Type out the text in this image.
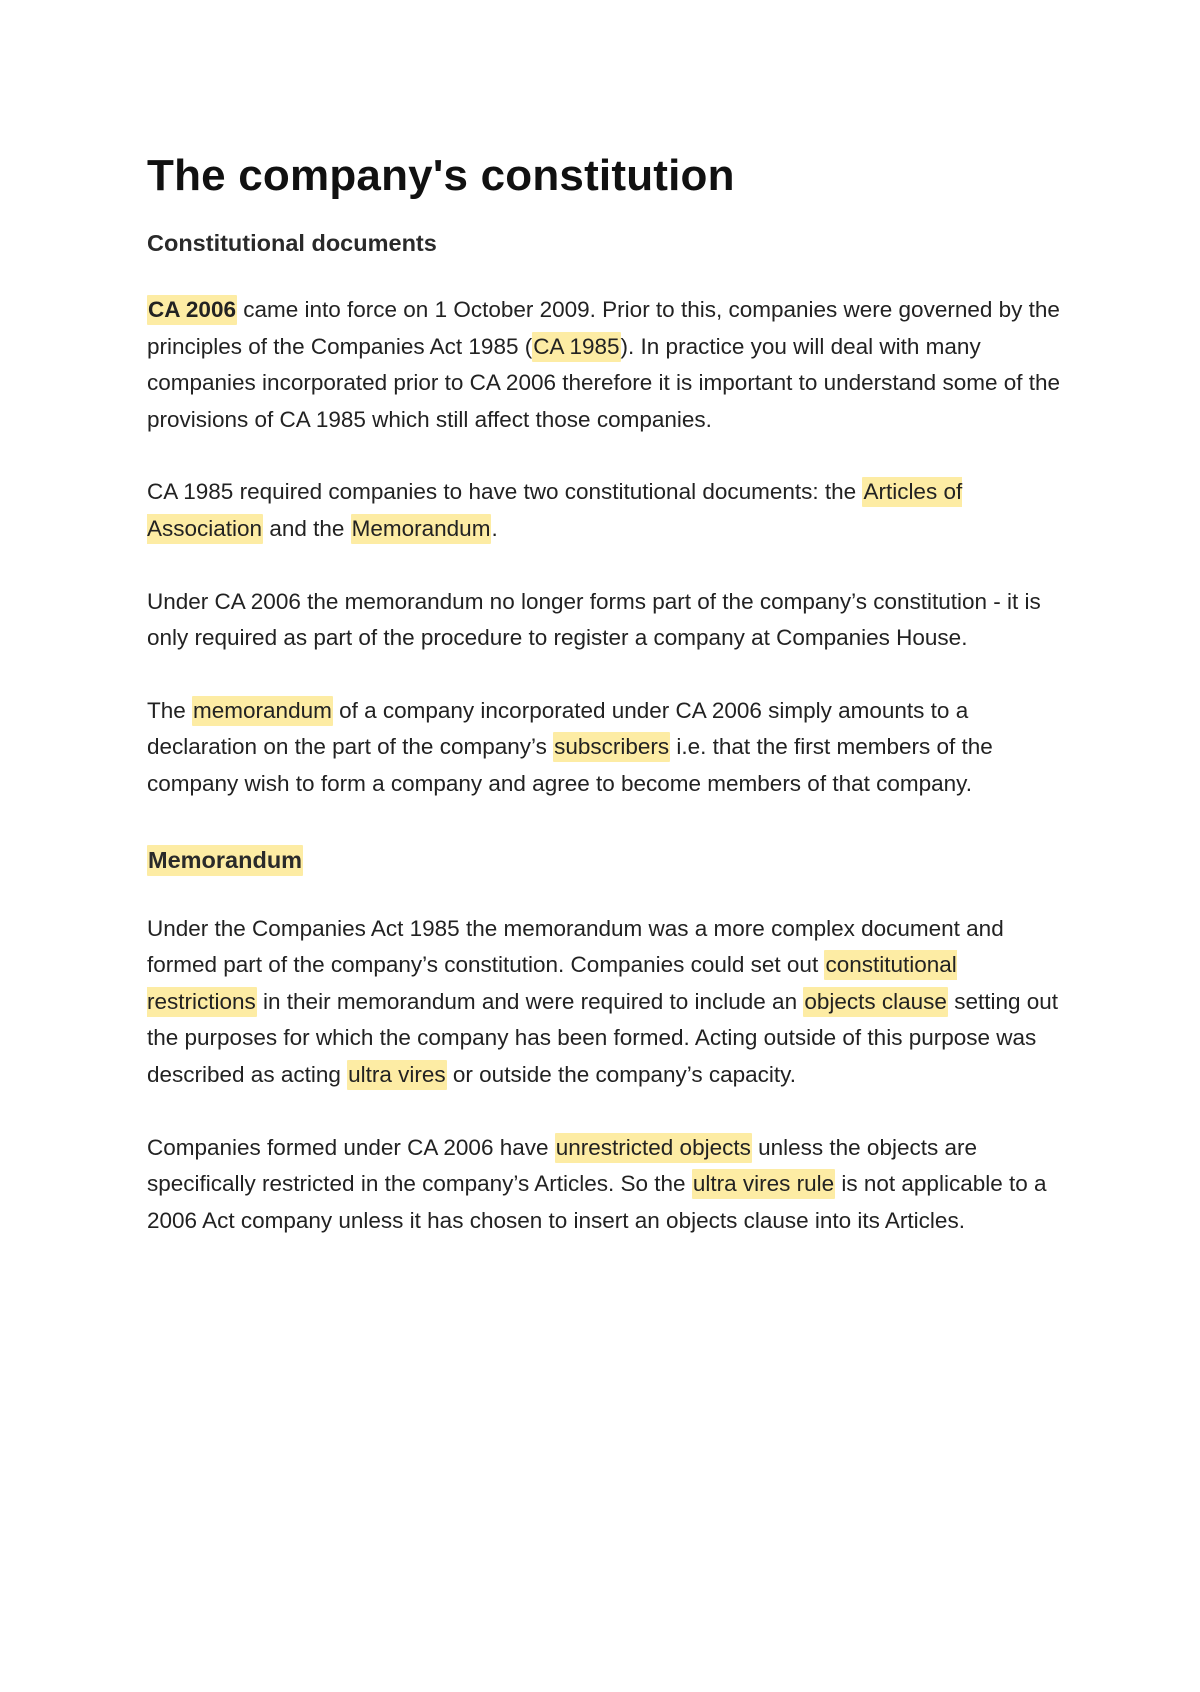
The company's constitution
Constitutional documents

CA 2006 came into force on 1 October 2009. Prior to this, companies were governed by the principles of the Companies Act 1985 (CA 1985). In practice you will deal with many companies incorporated prior to CA 2006 therefore it is important to understand some of the provisions of CA 1985 which still affect those companies.

CA 1985 required companies to have two constitutional documents: the Articles of Association and the Memorandum.

Under CA 2006 the memorandum no longer forms part of the company’s constitution - it is only required as part of the procedure to register a company at Companies House.

The memorandum of a company incorporated under CA 2006 simply amounts to a declaration on the part of the company’s subscribers i.e. that the first members of the company wish to form a company and agree to become members of that company.

Memorandum

Under the Companies Act 1985 the memorandum was a more complex document and formed part of the company’s constitution. Companies could set out constitutional restrictions in their memorandum and were required to include an objects clause setting out the purposes for which the company has been formed. Acting outside of this purpose was described as acting ultra vires or outside the company’s capacity.

Companies formed under CA 2006 have unrestricted objects unless the objects are specifically restricted in the company’s Articles. So the ultra vires rule is not applicable to a 2006 Act company unless it has chosen to insert an objects clause into its Articles.
